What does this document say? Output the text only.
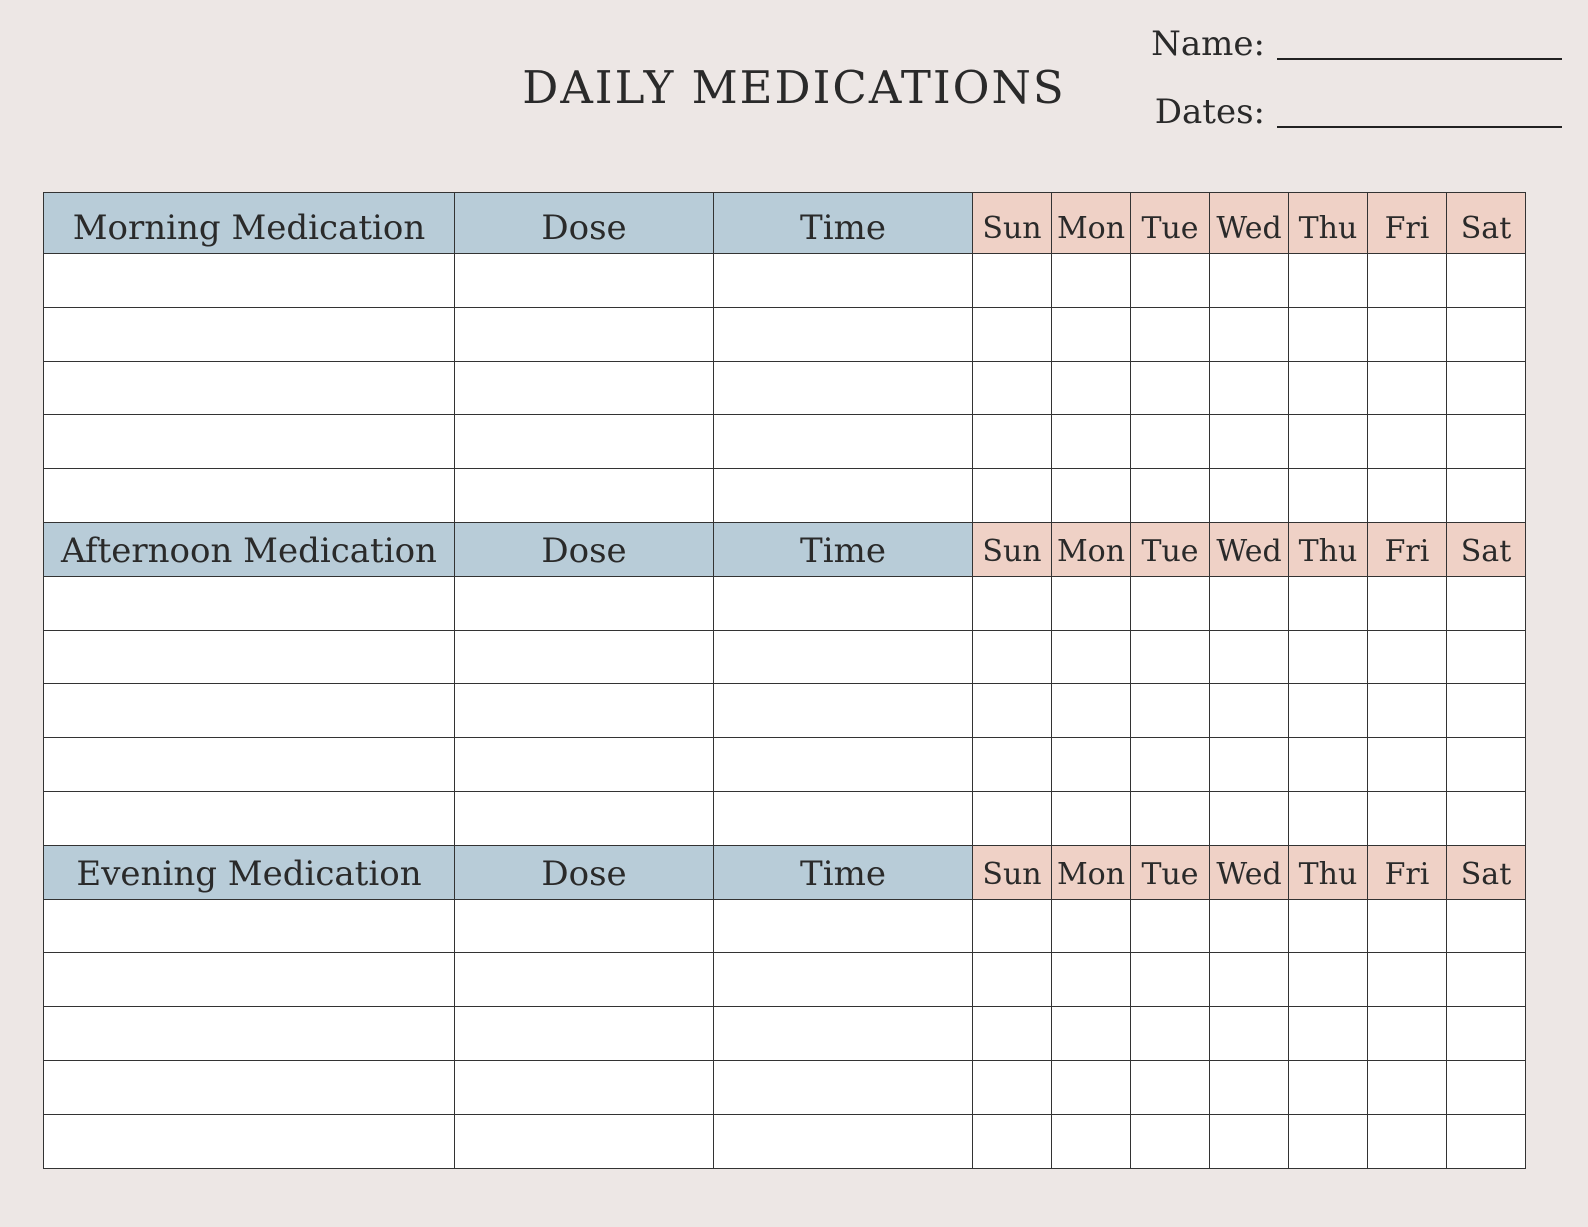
DAILY MEDICATIONS
Name:
Dates:
Morning Medication	Dose	Time	Sun	Mon	Tue	Wed	Thu	Fri	Sat

Afternoon Medication	Dose	Time	Sun	Mon	Tue	Wed	Thu	Fri	Sat

Evening Medication	Dose	Time	Sun	Mon	Tue	Wed	Thu	Fri	Sat
